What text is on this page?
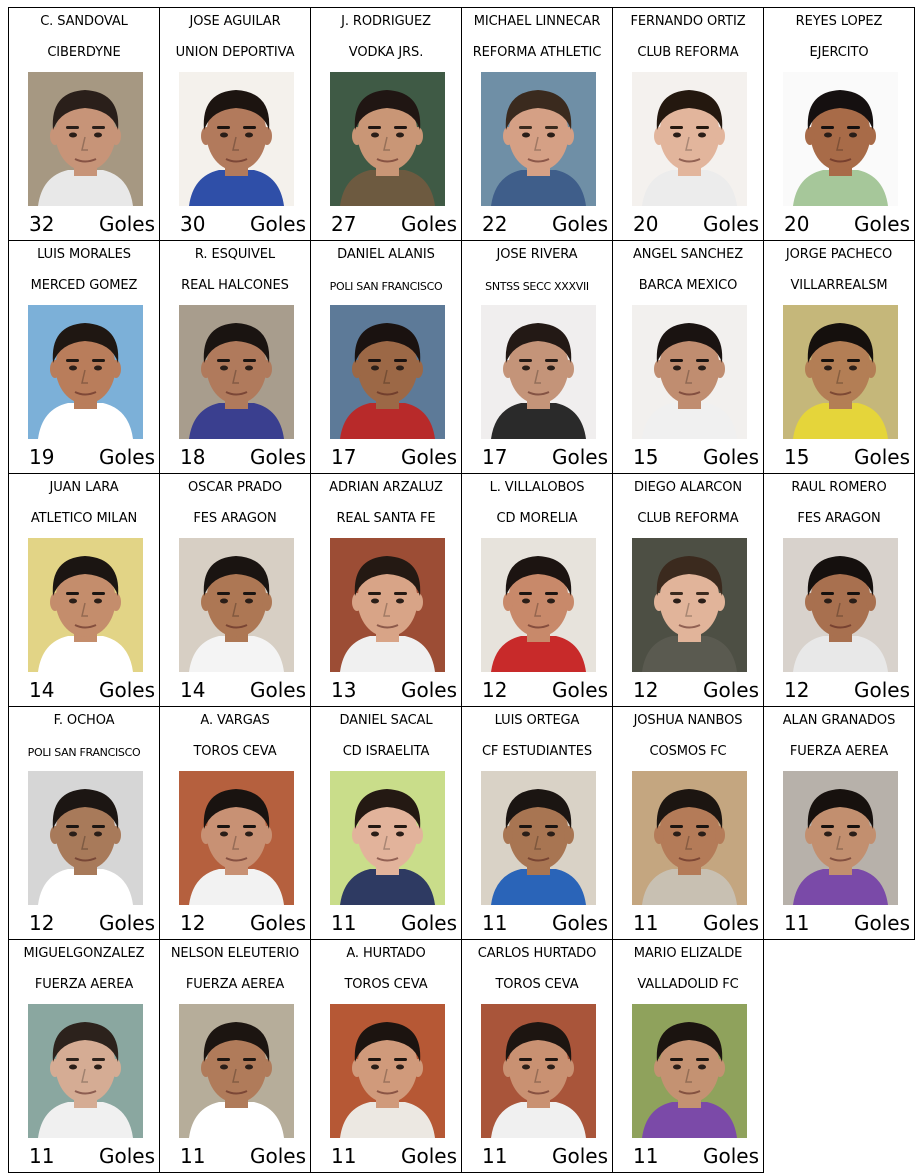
C. SANDOVAL
CIBERDYNE
32 Goles
JOSE AGUILAR
UNION DEPORTIVA
30 Goles
J. RODRIGUEZ
VODKA JRS.
27 Goles
MICHAEL LINNECAR
REFORMA ATHLETIC
22 Goles
FERNANDO ORTIZ
CLUB REFORMA
20 Goles
REYES LOPEZ
EJERCITO
20 Goles
LUIS MORALES
MERCED GOMEZ
19 Goles
R. ESQUIVEL
REAL HALCONES
18 Goles
DANIEL ALANIS
POLI SAN FRANCISCO
17 Goles
JOSE RIVERA
SNTSS SECC XXXVII
17 Goles
ANGEL SANCHEZ
BARCA MEXICO
15 Goles
JORGE PACHECO
VILLARREALSM
15 Goles
JUAN LARA
ATLETICO MILAN
14 Goles
OSCAR PRADO
FES ARAGON
14 Goles
ADRIAN ARZALUZ
REAL SANTA FE
13 Goles
L. VILLALOBOS
CD MORELIA
12 Goles
DIEGO ALARCON
CLUB REFORMA
12 Goles
RAUL ROMERO
FES ARAGON
12 Goles
F. OCHOA
POLI SAN FRANCISCO
12 Goles
A. VARGAS
TOROS CEVA
12 Goles
DANIEL SACAL
CD ISRAELITA
11 Goles
LUIS ORTEGA
CF ESTUDIANTES
11 Goles
JOSHUA NANBOS
COSMOS FC
11 Goles
ALAN GRANADOS
FUERZA AEREA
11 Goles
MIGUELGONZALEZ
FUERZA AEREA
11 Goles
NELSON ELEUTERIO
FUERZA AEREA
11 Goles
A. HURTADO
TOROS CEVA
11 Goles
CARLOS HURTADO
TOROS CEVA
11 Goles
MARIO ELIZALDE
VALLADOLID FC
11 Goles
